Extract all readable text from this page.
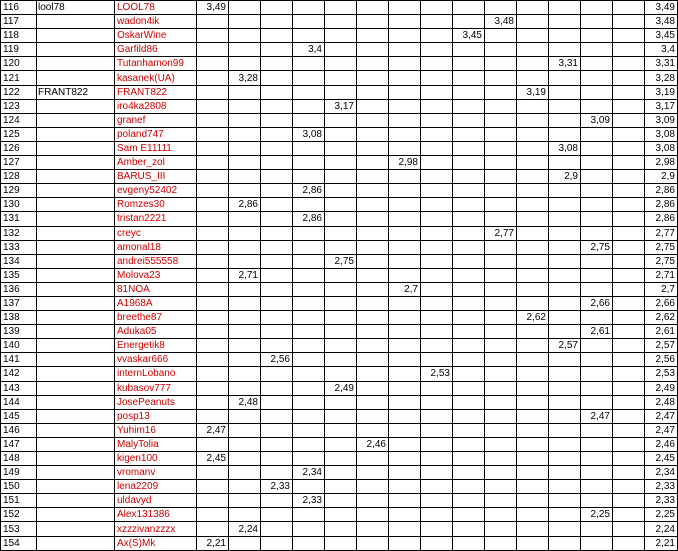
116	lool78	LOOL78	3,49														3,49
117		wadon4ik										3,48					3,48
118		OskarWine									3,45						3,45
119		Garfild86				3,4											3,4
120		Tutanhamon99												3,31			3,31
121		kasanek(UA)		3,28													3,28
122	FRANT822	FRANT822											3,19				3,19
123		iro4ka2808					3,17										3,17
124		granef													3,09		3,09
125		poland747				3,08											3,08
126		Sam E11111												3,08			3,08
127		Amber_zol							2,98								2,98
128		BARUS_III												2,9			2,9
129		evgeny52402				2,86											2,86
130		Romzes30		2,86													2,86
131		tristan2221				2,86											2,86
132		creyc										2,77					2,77
133		amonal18													2,75		2,75
134		andrei555558					2,75										2,75
135		Molova23		2,71													2,71
136		81NOA							2,7								2,7
137		A1968A													2,66		2,66
138		breethe87											2,62				2,62
139		Aduka05													2,61		2,61
140		Energetik8												2,57			2,57
141		vvaskar666			2,56												2,56
142		internLobano								2,53							2,53
143		kubasov777					2,49										2,49
144		JosePeanuts		2,48													2,48
145		posp13													2,47		2,47
146		Yuhim16	2,47														2,47
147		MalyTolia						2,46									2,46
148		kigen100	2,45														2,45
149		vromanv				2,34											2,34
150		lena2209			2,33												2,33
151		uldavyd				2,33											2,33
152		Alex131386													2,25		2,25
153		xzzzivanzzzx		2,24													2,24
154		Ax(S)Mk	2,21														2,21
